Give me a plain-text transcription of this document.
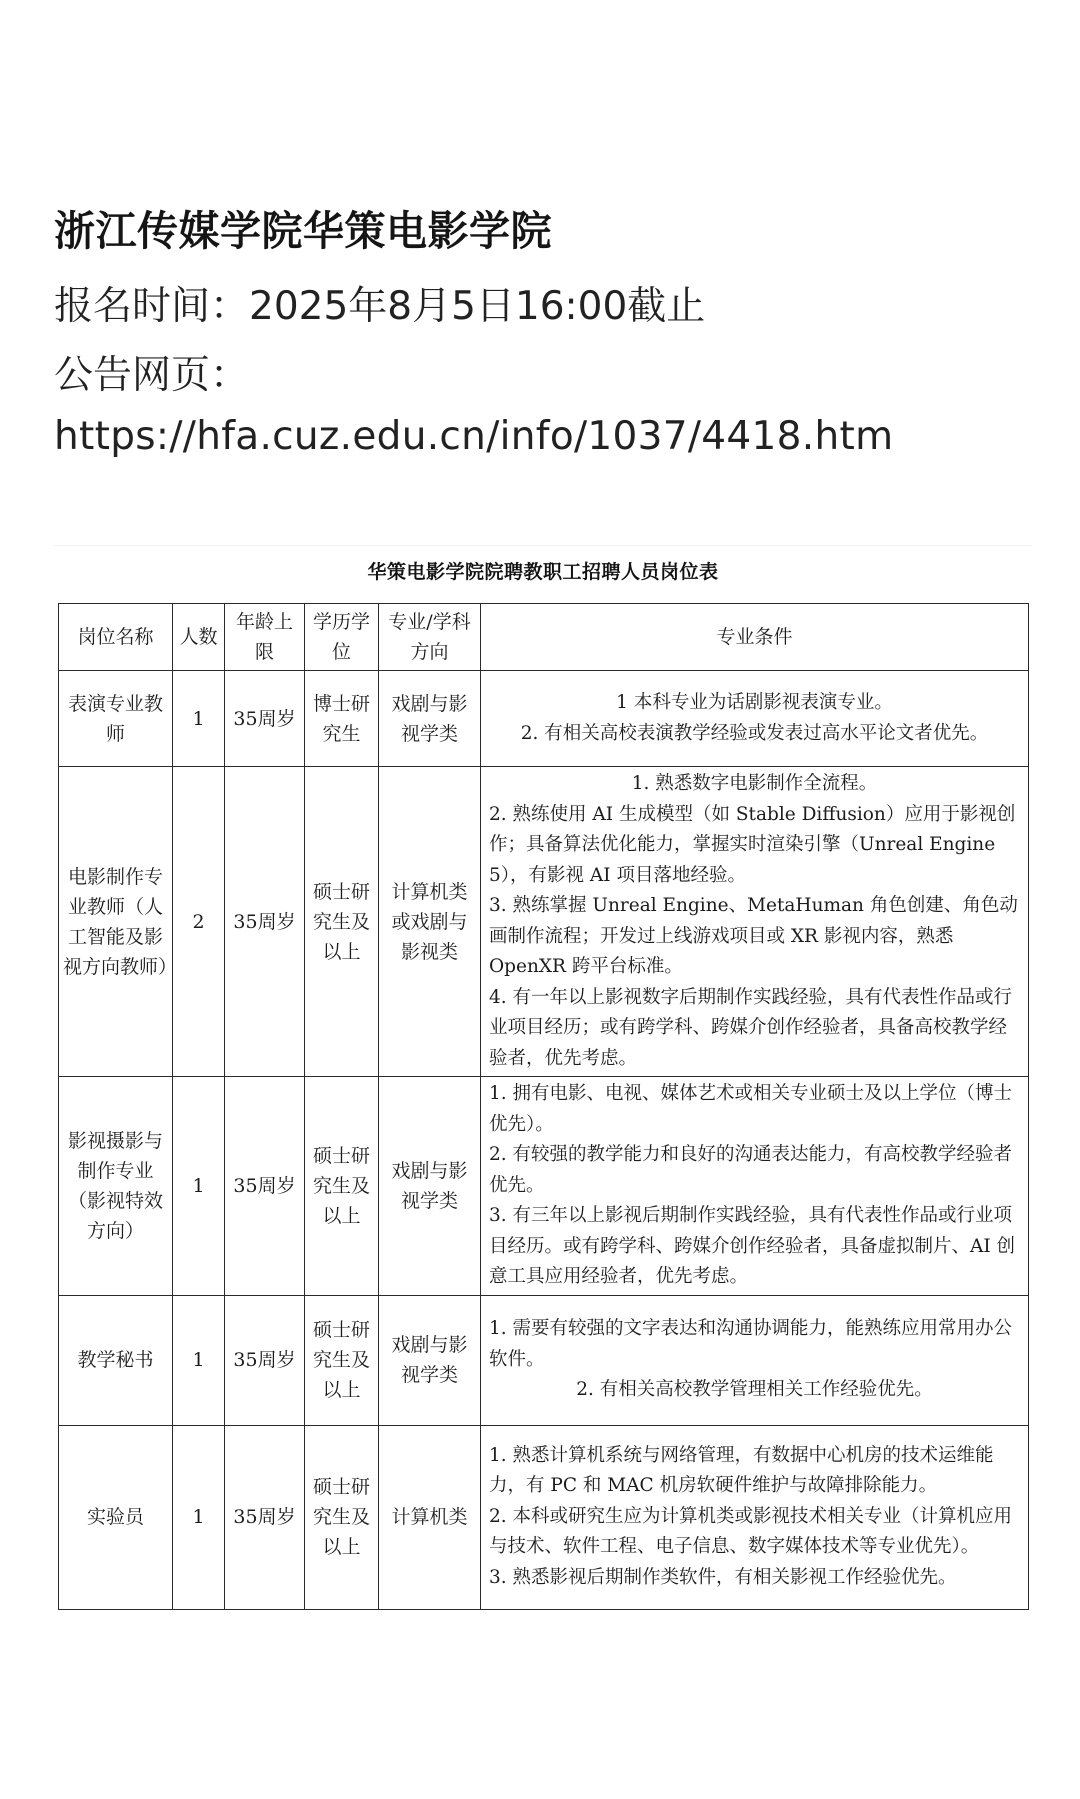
浙江传媒学院华策电影学院
报名时间：2025年8月5日16:00截止
公告网页：
https://hfa.cuz.edu.cn/info/1037/4418.htm
华策电影学院院聘教职工招聘人员岗位表
岗位名称	人数	年龄上限	学历学位	专业/学科方向	专业条件
表演专业教师	1	35周岁	博士研究生	戏剧与影视学类	1 本科专业为话剧影视表演专业。
2. 有相关高校表演教学经验或发表过高水平论文者优先。

电影制作专业教师（人工智能及影视方向教师）	2	35周岁	硕士研究生及以上	计算机类或戏剧与影视类	1. 熟悉数字电影制作全流程。
2. 熟练使用 AI 生成模型（如 Stable Diffusion）应用于影视创作；具备算法优化能力，掌握实时渲染引擎（Unreal Engine 5），有影视 AI 项目落地经验。
3. 熟练掌握 Unreal Engine、MetaHuman 角色创建、角色动画制作流程；开发过上线游戏项目或 XR 影视内容，熟悉 OpenXR 跨平台标准。
4. 有一年以上影视数字后期制作实践经验，具有代表性作品或行业项目经历；或有跨学科、跨媒介创作经验者，具备高校教学经验者，优先考虑。

影视摄影与制作专业（影视特效方向）	1	35周岁	硕士研究生及以上	戏剧与影视学类	1. 拥有电影、电视、媒体艺术或相关专业硕士及以上学位（博士优先）。
2. 有较强的教学能力和良好的沟通表达能力，有高校教学经验者优先。
3. 有三年以上影视后期制作实践经验，具有代表性作品或行业项目经历。或有跨学科、跨媒介创作经验者，具备虚拟制片、AI 创意工具应用经验者，优先考虑。

教学秘书	1	35周岁	硕士研究生及以上	戏剧与影视学类	1. 需要有较强的文字表达和沟通协调能力，能熟练应用常用办公软件。
2. 有相关高校教学管理相关工作经验优先。

实验员	1	35周岁	硕士研究生及以上	计算机类	1. 熟悉计算机系统与网络管理，有数据中心机房的技术运维能力，有 PC 和 MAC 机房软硬件维护与故障排除能力。
2. 本科或研究生应为计算机类或影视技术相关专业（计算机应用与技术、软件工程、电子信息、数字媒体技术等专业优先）。
3. 熟悉影视后期制作类软件，有相关影视工作经验优先。
